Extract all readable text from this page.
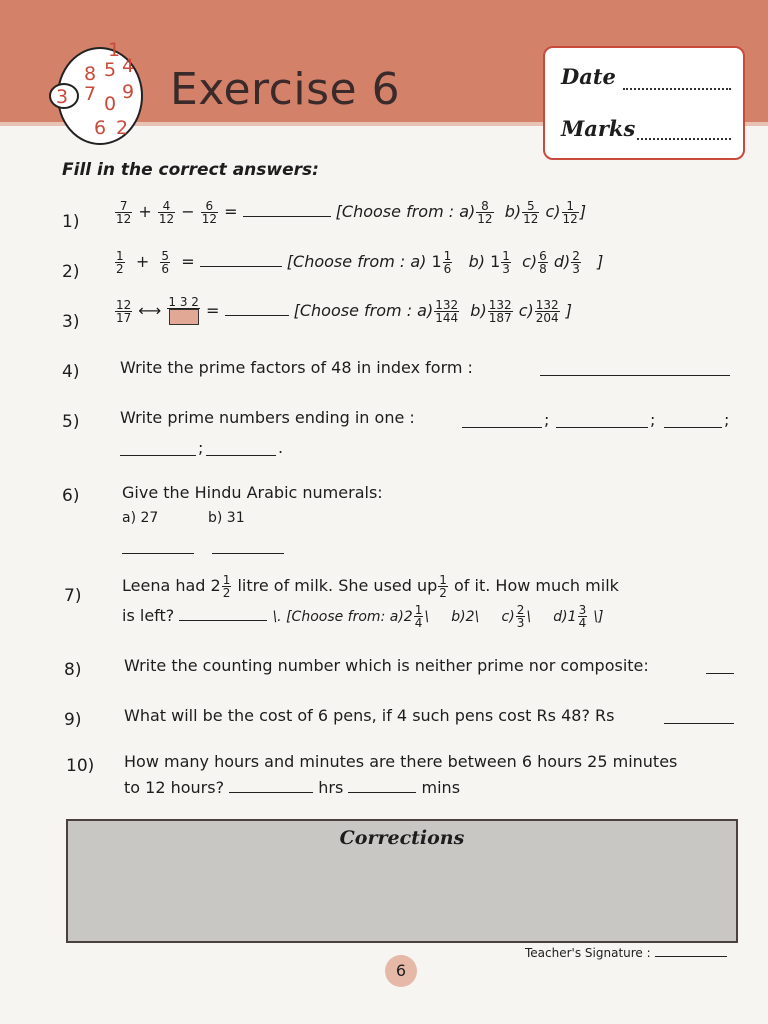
1
8 5 4
3 7 9
0
6 2
Exercise 6	Date
Marks
Fill in the correct answers:
1)	$\frac{7}{12} + \frac{4}{12} - \frac{6}{12}$ =	[Choose from : $a) \frac{8}{12} b) \frac{5}{12} c) \frac{1}{12}$ ]
2)	$\frac{1}{2} + \frac{5}{6}$ =	[Choose from : a) $1 \frac{1}{6} b$) $1 \frac{1}{3} c) \frac{6}{8} d) \frac{2}{3}$ ]
3)	$\frac{12}{17}$ ⟷ 1 3 2 =	[Choose from : $a) \frac{132}{144} b) \frac{132}{187} c) \frac{132}{204}$ ]
4)	Write the prime factors of 48 in index form :
5)	Write prime numbers ending in one :	;	;	;
;	.
6)	Give the Hindu Arabic numerals:
a) 27	b) 31
7)
Leena had $2 \frac{1}{2}$ litre of milk. She used up $\frac{1}{2}$ of it. How much milk
is left?	\. [Choose from: $a)2 \frac{1}{4}$ \     b)2\     $c) \frac{2}{3}$ \     $d)1 \frac{3}{4}$ \]
8)	Write the counting number which is neither prime nor composite:
9)	What will be the cost of 6 pens, if 4 such pens cost Rs 48? Rs
10) How many hours and minutes are there between 6 hours 25 minutes
to 12 hours?	hrs	mins
Corrections
Teacher's Signature :
6
